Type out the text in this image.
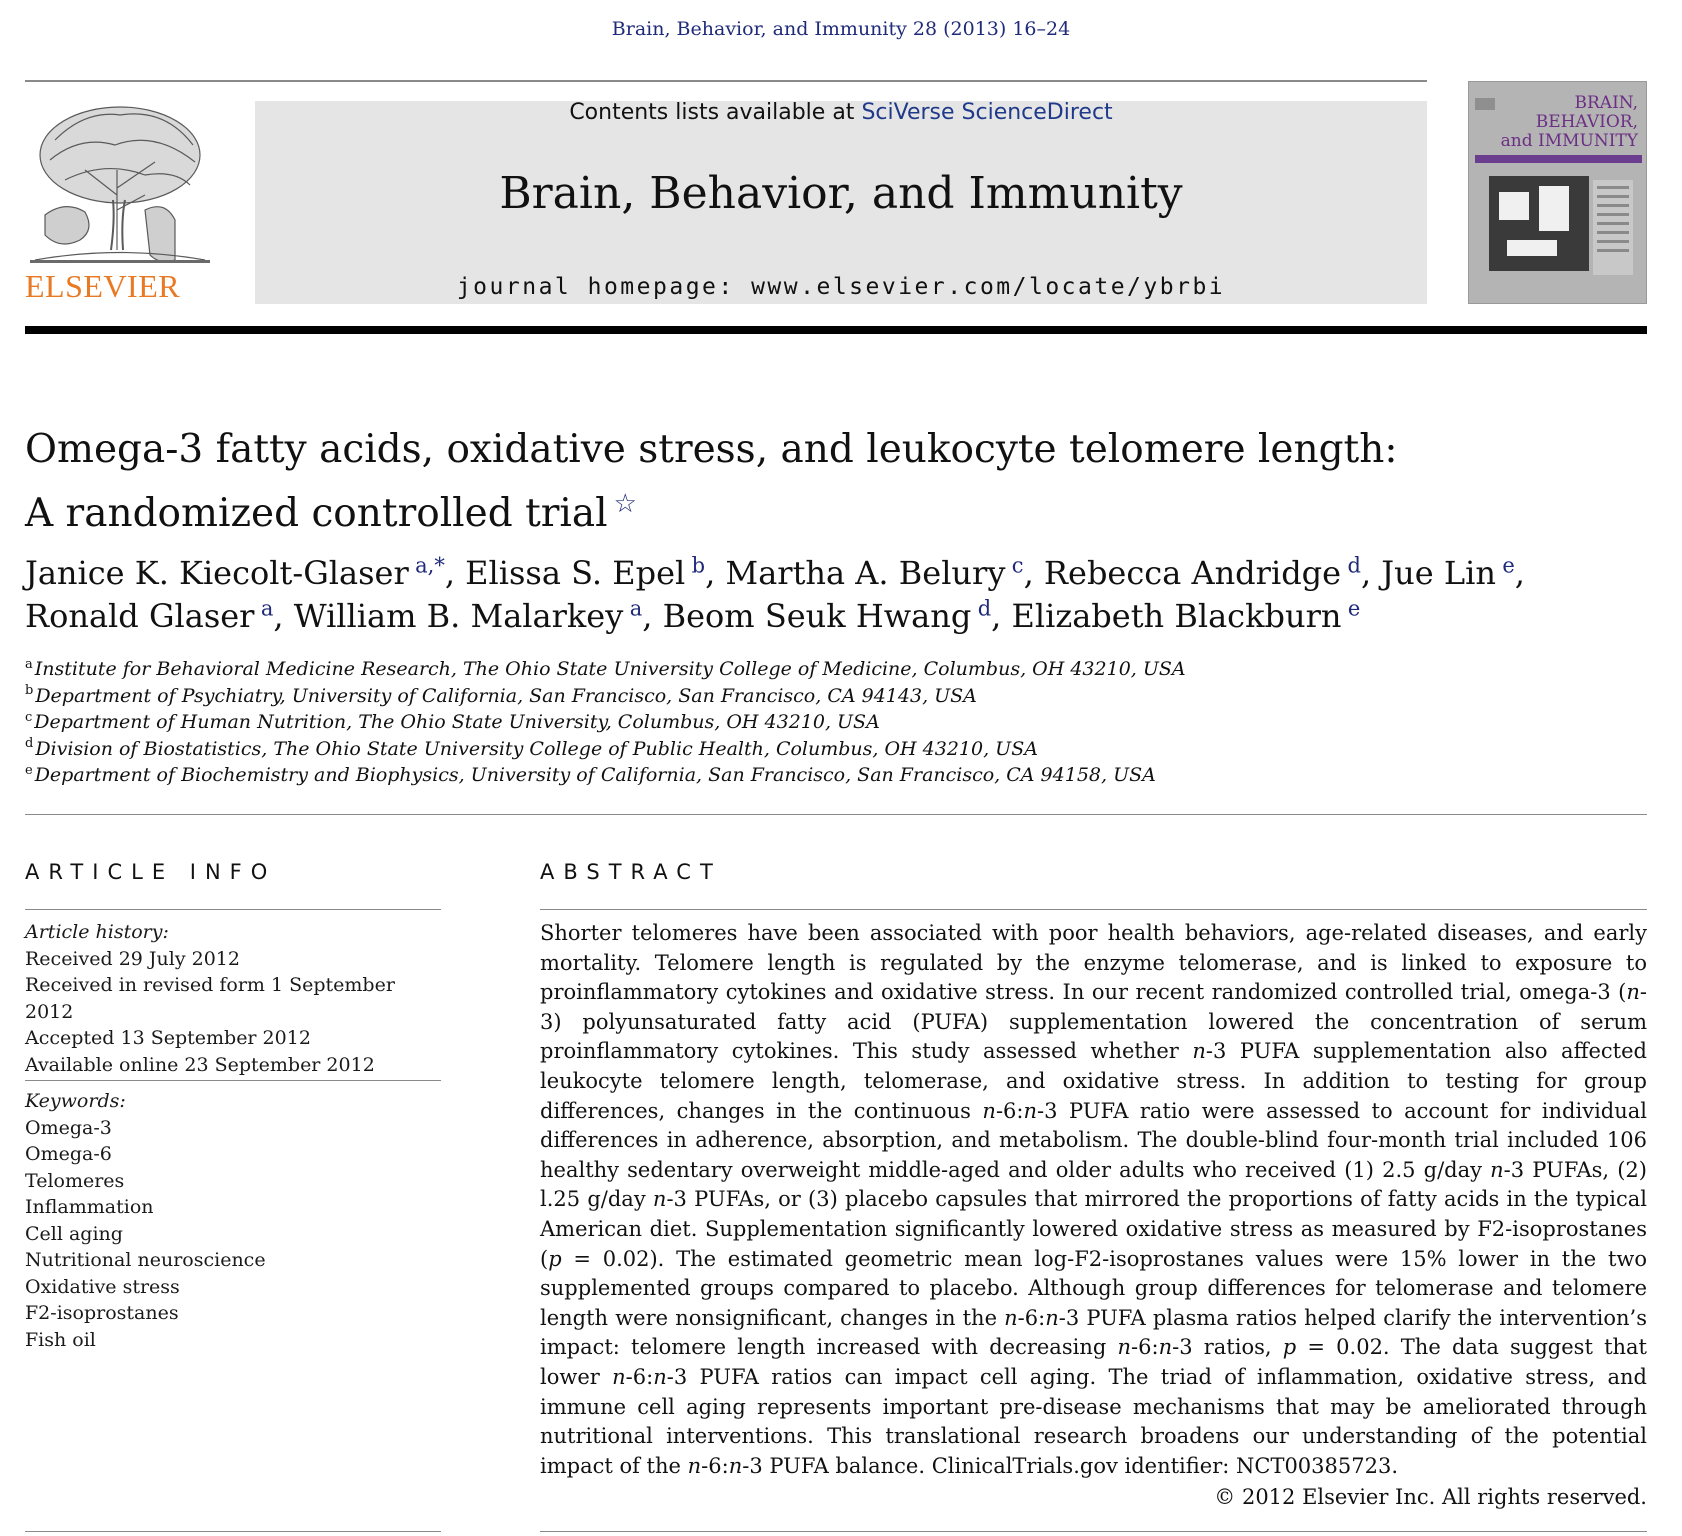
Brain, Behavior, and Immunity 28 (2013) 16–24
ELSEVIER
Contents lists available at SciVerse ScienceDirect
Brain, Behavior, and Immunity
journal homepage: www.elsevier.com/locate/ybrbi
BRAIN,
BEHAVIOR,
and IMMUNITY
Omega-3 fatty acids, oxidative stress, and leukocyte telomere length:
A randomized controlled trial ☆
Janice K. Kiecolt-Glaser  $^{a,*}$, Elissa S. Epel  $^b$, Martha A. Belury  $^c$, Rebecca Andridge  $^d$, Jue Lin  $^e$,
Ronald Glaser  $^a$, William B. Malarkey  $^a$, Beom Seuk Hwang  $^d$, Elizabeth Blackburn  $^e$
$^a$ Institute for Behavioral Medicine Research, The Ohio State University College of Medicine, Columbus, OH 43210, USA
$^b$ Department of Psychiatry, University of California, San Francisco, San Francisco, CA 94143, USA
$^c$ Department of Human Nutrition, The Ohio State University, Columbus, OH 43210, USA
$^d$ Division of Biostatistics, The Ohio State University College of Public Health, Columbus, OH 43210, USA
$^e$ Department of Biochemistry and Biophysics, University of California, San Francisco, San Francisco, CA 94158, USA
ARTICLE INFO
Article history:
Received 29 July 2012
Received in revised form 1 September 2012
Accepted 13 September 2012
Available online 23 September 2012
Keywords:
Omega-3
Omega-6
Telomeres
Inflammation
Cell aging
Nutritional neuroscience
Oxidative stress
F2-isoprostanes
Fish oil
ABSTRACT
Shorter telomeres have been associated with poor health behaviors, age-related diseases, and early mortality. Telomere length is regulated by the enzyme telomerase, and is linked to exposure to proinflammatory cytokines and oxidative stress. In our recent randomized controlled trial, omega-3 (n-3) polyunsaturated fatty acid (PUFA) supplementation lowered the concentration of serum proinflammatory cytokines. This study assessed whether n-3 PUFA supplementation also affected leukocyte telomere length, telomerase, and oxidative stress. In addition to testing for group differences, changes in the continuous n-6:n-3 PUFA ratio were assessed to account for individual differences in adherence, absorption, and metabolism. The double-blind four-month trial included 106 healthy sedentary overweight middle-aged and older adults who received (1) 2.5 g/day n-3 PUFAs, (2) l.25 g/day n-3 PUFAs, or (3) placebo capsules that mirrored the proportions of fatty acids in the typical American diet. Supplementation significantly lowered oxidative stress as measured by F2-isoprostanes (p = 0.02). The estimated geometric mean log-F2-isoprostanes values were 15% lower in the two supplemented groups compared to placebo. Although group differences for telomerase and telomere length were nonsignificant, changes in the n-6:n-3 PUFA plasma ratios helped clarify the intervention’s impact: telomere length increased with decreasing n-6:n-3 ratios, p = 0.02. The data suggest that lower n-6:n-3 PUFA ratios can impact cell aging. The triad of inflammation, oxidative stress, and immune cell aging represents important pre-disease mechanisms that may be ameliorated through nutritional interventions. This translational research broadens our understanding of the potential impact of the n-6:n-3 PUFA balance. ClinicalTrials.gov identifier: NCT00385723.
© 2012 Elsevier Inc. All rights reserved.
